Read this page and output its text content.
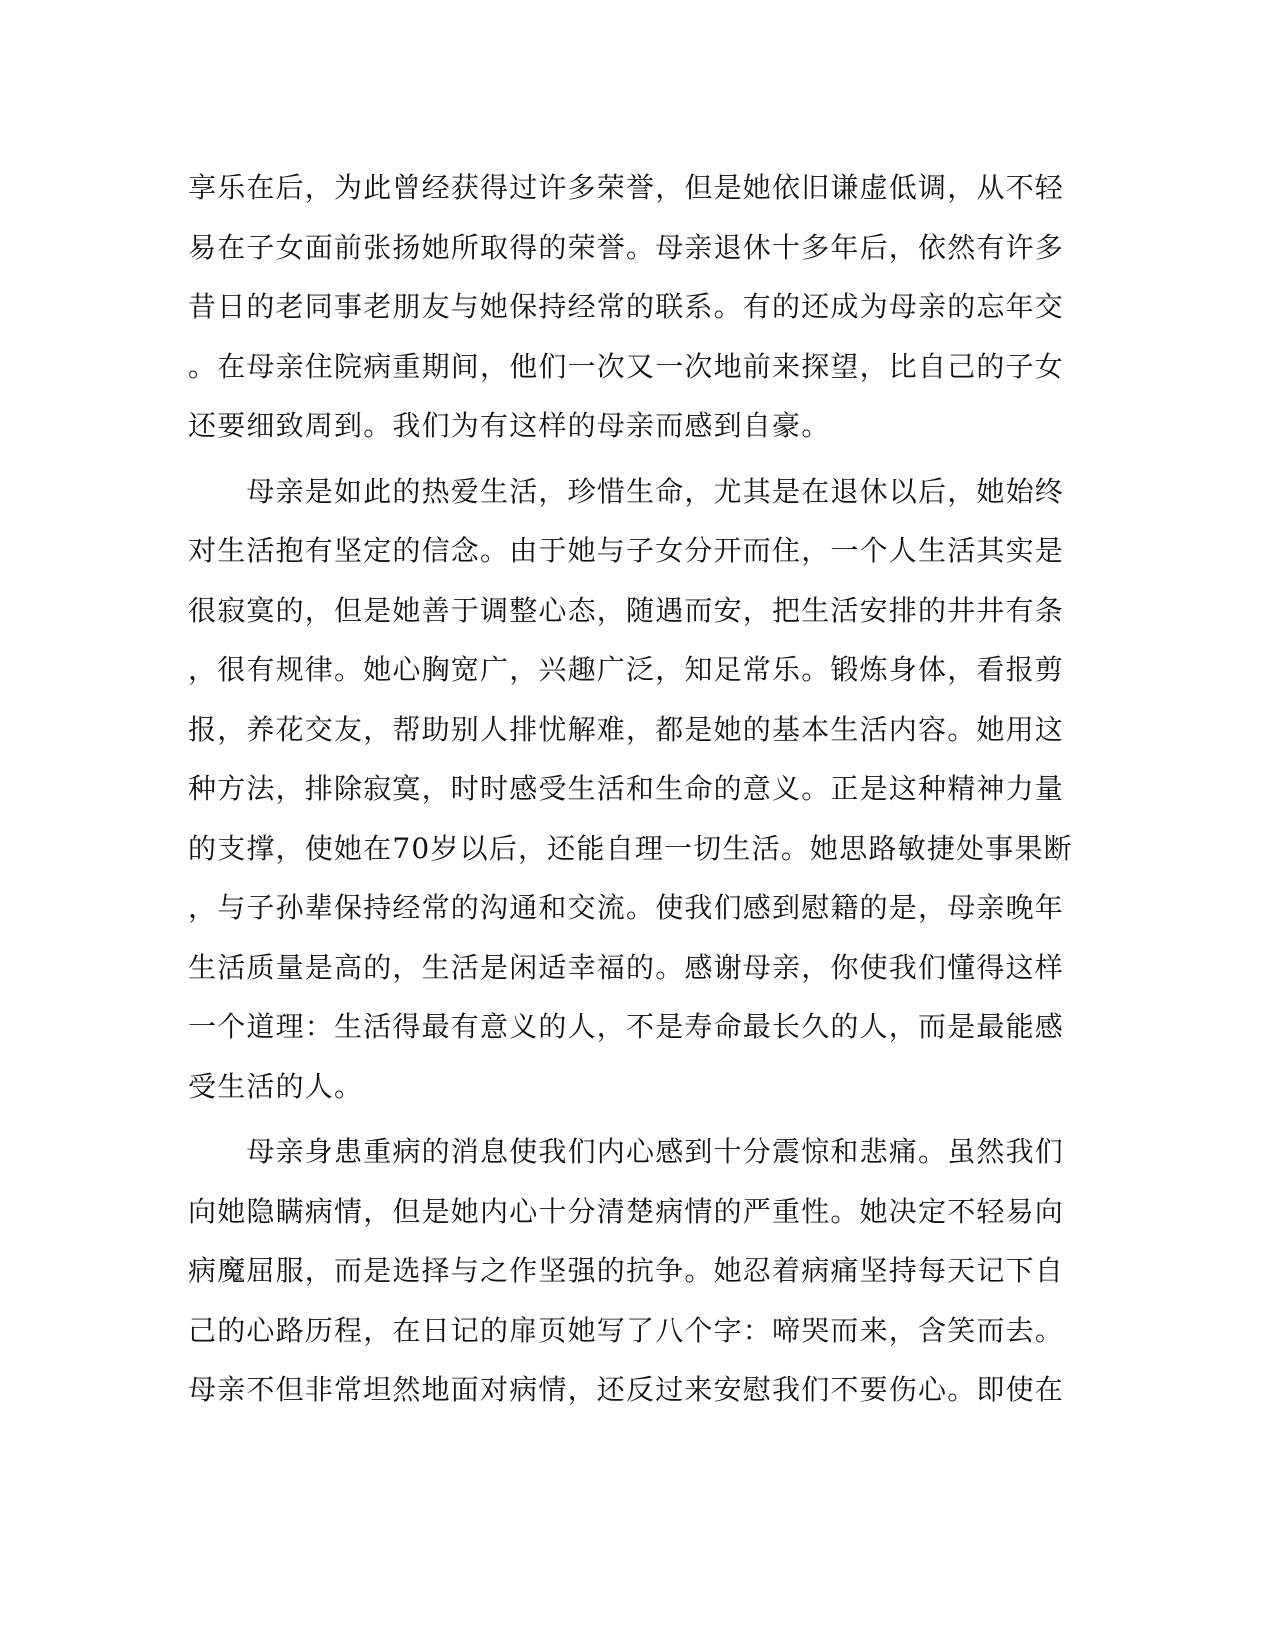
享乐在后，为此曾经获得过许多荣誉，但是她依旧谦虚低调，从不轻
易在子女面前张扬她所取得的荣誉。母亲退休十多年后，依然有许多
昔日的老同事老朋友与她保持经常的联系。有的还成为母亲的忘年交
。在母亲住院病重期间，他们一次又一次地前来探望，比自己的子女
还要细致周到。我们为有这样的母亲而感到自豪。
　　母亲是如此的热爱生活，珍惜生命，尤其是在退休以后，她始终
对生活抱有坚定的信念。由于她与子女分开而住，一个人生活其实是
很寂寞的，但是她善于调整心态，随遇而安，把生活安排的井井有条
，很有规律。她心胸宽广，兴趣广泛，知足常乐。锻炼身体，看报剪
报，养花交友，帮助别人排忧解难，都是她的基本生活内容。她用这
种方法，排除寂寞，时时感受生活和生命的意义。正是这种精神力量
的支撑，使她在70岁以后，还能自理一切生活。她思路敏捷处事果断
，与子孙辈保持经常的沟通和交流。使我们感到慰籍的是，母亲晚年
生活质量是高的，生活是闲适幸福的。感谢母亲，你使我们懂得这样
一个道理：生活得最有意义的人，不是寿命最长久的人，而是最能感
受生活的人。
　　母亲身患重病的消息使我们内心感到十分震惊和悲痛。虽然我们
向她隐瞒病情，但是她内心十分清楚病情的严重性。她决定不轻易向
病魔屈服，而是选择与之作坚强的抗争。她忍着病痛坚持每天记下自
己的心路历程，在日记的扉页她写了八个字：啼哭而来，含笑而去。
母亲不但非常坦然地面对病情，还反过来安慰我们不要伤心。即使在
